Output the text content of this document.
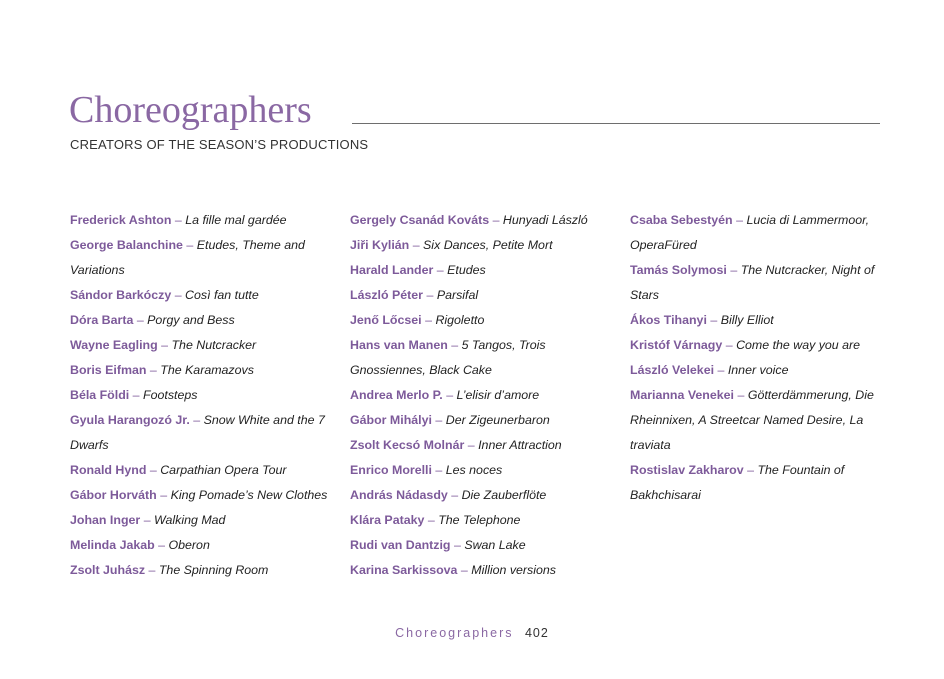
Choreographers
CREATORS OF THE SEASON’S PRODUCTIONS

Frederick Ashton – La fille mal gardée

George Balanchine – Etudes, Theme and Variations

Sándor Barkóczy – Così fan tutte

Dóra Barta – Porgy and Bess

Wayne Eagling – The Nutcracker

Boris Eifman – The Karamazovs

Béla Földi – Footsteps

Gyula Harangozó Jr. – Snow White and the 7 Dwarfs

Ronald Hynd – Carpathian Opera Tour

Gábor Horváth – King Pomade’s New Clothes

Johan Inger – Walking Mad

Melinda Jakab – Oberon

Zsolt Juhász – The Spinning Room

Gergely Csanád Kováts – Hunyadi László

Jiři Kylián – Six Dances, Petite Mort

Harald Lander – Etudes

László Péter – Parsifal

Jenő Lőcsei – Rigoletto

Hans van Manen – 5 Tangos, Trois Gnossiennes, Black Cake

Andrea Merlo P. – L’elisir d’amore

Gábor Mihályi – Der Zigeunerbaron

Zsolt Kecsó Molnár – Inner Attraction

Enrico Morelli – Les noces

András Nádasdy – Die Zauberflöte

Klára Pataky – The Telephone

Rudi van Dantzig – Swan Lake

Karina Sarkissova – Million versions

Csaba Sebestyén – Lucia di Lammermoor, OperaFüred

Tamás Solymosi – The Nutcracker, Night of Stars

Ákos Tihanyi – Billy Elliot

Kristóf Várnagy – Come the way you are

László Velekei – Inner voice

Marianna Venekei – Götterdämmerung, Die Rheinnixen, A Streetcar Named Desire, La traviata

Rostislav Zakharov – The Fountain of Bakhchisarai

Choreographers 402
